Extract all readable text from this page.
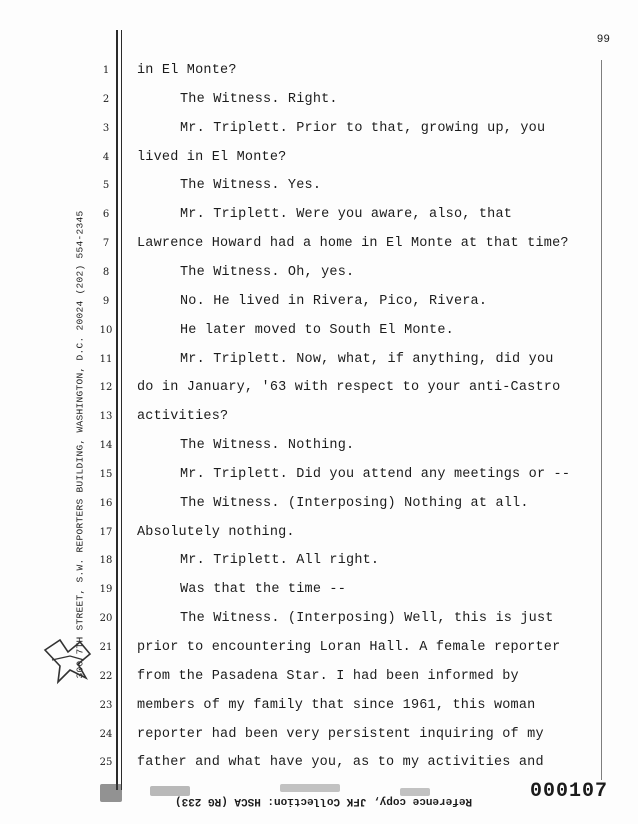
300 7TH STREET, S.W. REPORTERS BUILDING, WASHINGTON, D.C. 20024 (202) 554-2345
99
1	in El Monte?
2	The Witness. Right.
3	Mr. Triplett. Prior to that, growing up, you
4	lived in El Monte?
5	The Witness. Yes.
6	Mr. Triplett. Were you aware, also, that
7	Lawrence Howard had a home in El Monte at that time?
8	The Witness. Oh, yes.
9	No. He lived in Rivera, Pico, Rivera.
10	He later moved to South El Monte.
11	Mr. Triplett. Now, what, if anything, did you
12	do in January, '63 with respect to your anti-Castro
13	activities?
14	The Witness. Nothing.
15	Mr. Triplett. Did you attend any meetings or --
16	The Witness. (Interposing) Nothing at all.
17	Absolutely nothing.
18	Mr. Triplett. All right.
19	Was that the time --
20	The Witness. (Interposing) Well, this is just
21	prior to encountering Loran Hall. A female reporter
22	from the Pasadena Star. I had been informed by
23	members of my family that since 1961, this woman
24	reporter had been very persistent inquiring of my
25	father and what have you, as to my activities and
Reference copy, JFK Collection: HSCA (RG 233)	000107
